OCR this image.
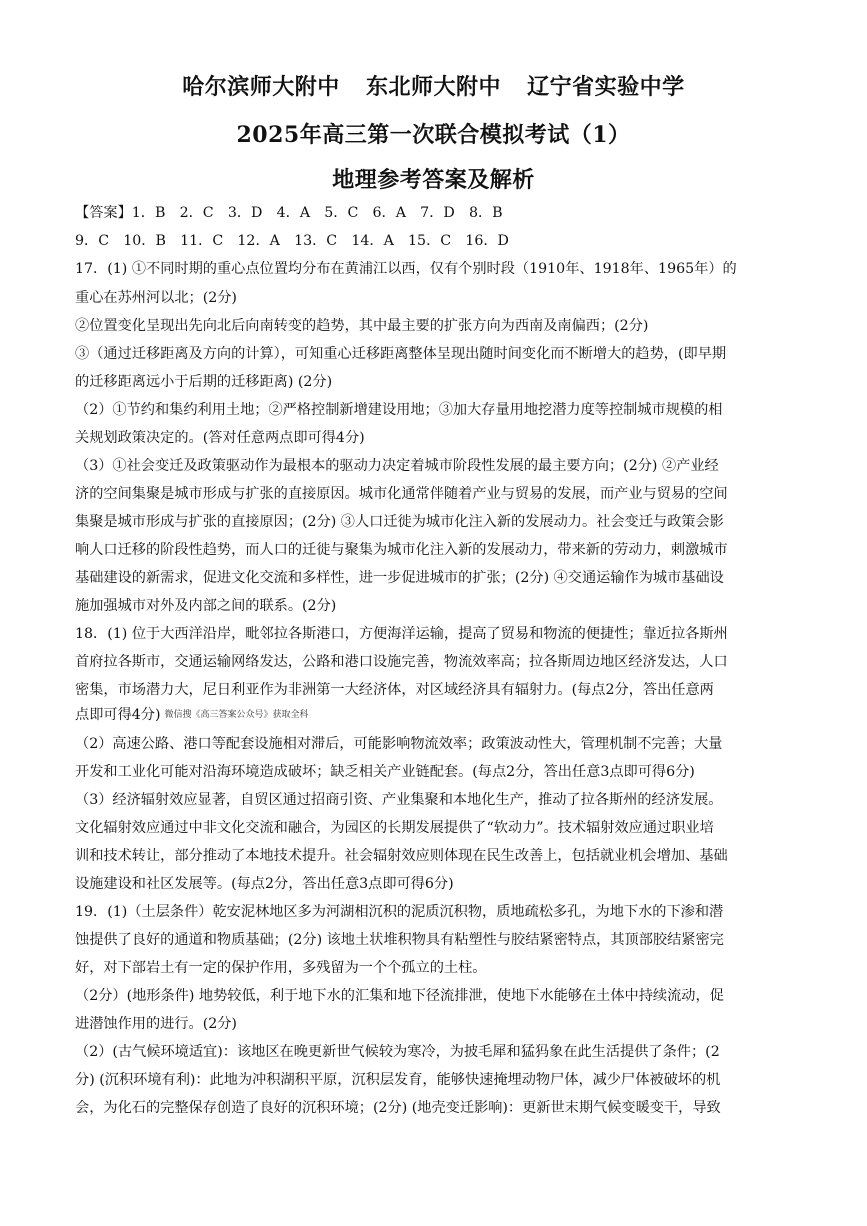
哈尔滨师大附中 东北师大附中 辽宁省实验中学
2025年高三第一次联合模拟考试（1）
地理参考答案及解析
【答案】1．B　2．C　3．D　4．A　5．C　6．A　7．D　8．B
9．C　10．B　11．C　12．A　13．C　14．A　15．C　16．D
17．(1) ①不同时期的重心点位置均分布在黄浦江以西，仅有个别时段（1910年、1918年、1965年）的
重心在苏州河以北；(2分)
②位置变化呈现出先向北后向南转变的趋势，其中最主要的扩张方向为西南及南偏西；(2分)
③（通过迁移距离及方向的计算），可知重心迁移距离整体呈现出随时间变化而不断增大的趋势，(即早期
的迁移距离远小于后期的迁移距离) (2分)
（2）①节约和集约利用土地；②严格控制新增建设用地；③加大存量用地挖潜力度等控制城市规模的相
关规划政策决定的。(答对任意两点即可得4分)
（3）①社会变迁及政策驱动作为最根本的驱动力决定着城市阶段性发展的最主要方向；(2分) ②产业经
济的空间集聚是城市形成与扩张的直接原因。城市化通常伴随着产业与贸易的发展，而产业与贸易的空间
集聚是城市形成与扩张的直接原因；(2分) ③人口迁徙为城市化注入新的发展动力。社会变迁与政策会影
响人口迁移的阶段性趋势，而人口的迁徙与聚集为城市化注入新的发展动力，带来新的劳动力，刺激城市
基础建设的新需求，促进文化交流和多样性，进一步促进城市的扩张；(2分) ④交通运输作为城市基础设
施加强城市对外及内部之间的联系。(2分)
18．(1) 位于大西洋沿岸，毗邻拉各斯港口，方便海洋运输，提高了贸易和物流的便捷性；靠近拉各斯州
首府拉各斯市，交通运输网络发达，公路和港口设施完善，物流效率高；拉各斯周边地区经济发达，人口
密集，市场潜力大，尼日利亚作为非洲第一大经济体，对区域经济具有辐射力。(每点2分，答出任意两
点即可得4分) 微信搜《高三答案公众号》获取全科
（2）高速公路、港口等配套设施相对滞后，可能影响物流效率；政策波动性大，管理机制不完善；大量
开发和工业化可能对沿海环境造成破坏；缺乏相关产业链配套。(每点2分，答出任意3点即可得6分)
（3）经济辐射效应显著，自贸区通过招商引资、产业集聚和本地化生产，推动了拉各斯州的经济发展。
文化辐射效应通过中非文化交流和融合，为园区的长期发展提供了“软动力”。技术辐射效应通过职业培
训和技术转让，部分推动了本地技术提升。社会辐射效应则体现在民生改善上，包括就业机会增加、基础
设施建设和社区发展等。(每点2分，答出任意3点即可得6分)
19．(1)（土层条件）乾安泥林地区多为河湖相沉积的泥质沉积物，质地疏松多孔，为地下水的下渗和潜
蚀提供了良好的通道和物质基础；(2分) 该地土状堆积物具有粘塑性与胶结紧密特点，其顶部胶结紧密完
好，对下部岩土有一定的保护作用，多残留为一个个孤立的土柱。
（2分）(地形条件) 地势较低，利于地下水的汇集和地下径流排泄，使地下水能够在土体中持续流动，促
进潜蚀作用的进行。(2分)
（2）(古气候环境适宜)：该地区在晚更新世气候较为寒冷，为披毛犀和猛犸象在此生活提供了条件；(2
分) (沉积环境有利)：此地为冲积湖积平原，沉积层发育，能够快速掩埋动物尸体，减少尸体被破坏的机
会，为化石的完整保存创造了良好的沉积环境；(2分) (地壳变迁影响)：更新世末期气候变暖变干，导致
